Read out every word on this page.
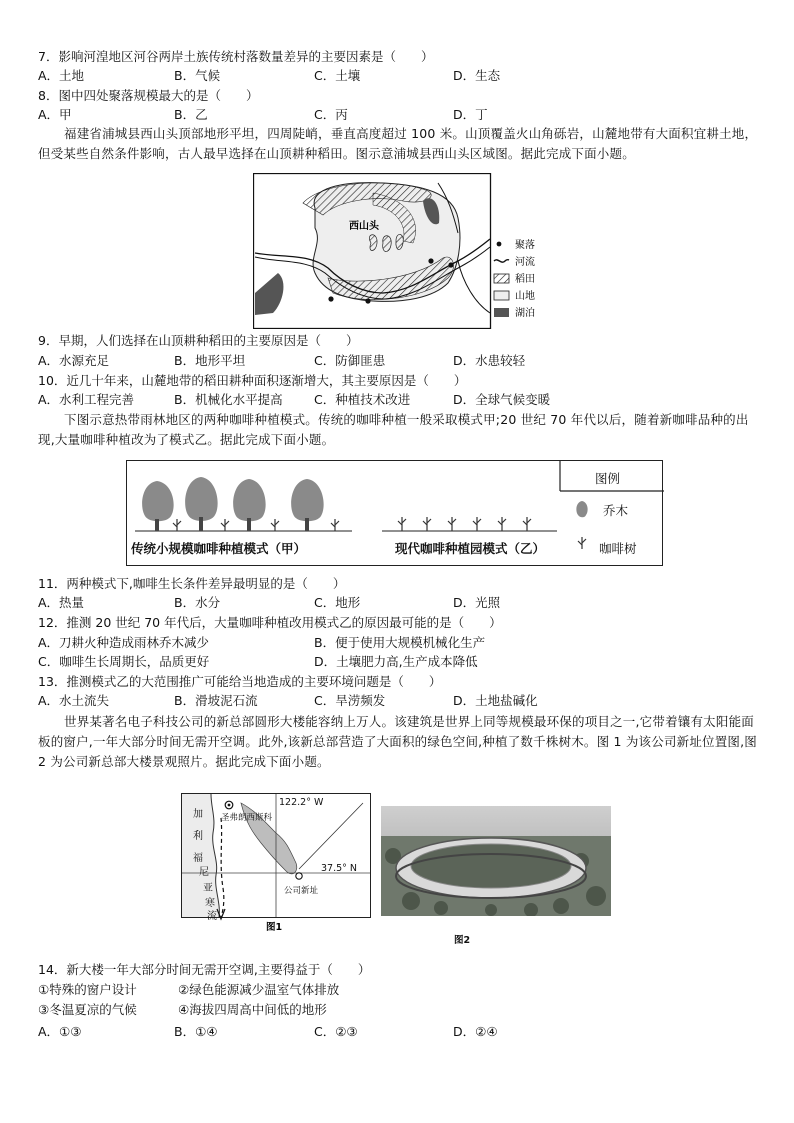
7．影响河湟地区河谷两岸土族传统村落数量差异的主要因素是（　　）
A．土地	B．气候	C．土壤	D．生态
8．图中四处聚落规模最大的是（　　）
A．甲	B．乙	C．丙	D．丁
福建省浦城县西山头顶部地形平坦，四周陡峭，垂直高度超过 100 米。山顶覆盖火山角砾岩，山麓地带有大面积宜耕土地，但受某些自然条件影响，古人最早选择在山顶耕种稻田。图示意浦城县西山头区域图。据此完成下面小题。
西山头
聚落
河流
稻田
山地
湖泊
9．早期，人们选择在山顶耕种稻田的主要原因是（　　）
A．水源充足	B．地形平坦	C．防御匪患	D．水患较轻
10．近几十年来，山麓地带的稻田耕种面积逐渐增大，其主要原因是（　　）
A．水利工程完善	B．机械化水平提高	C．种植技术改进	D．全球气候变暖
下图示意热带雨林地区的两种咖啡种植模式。传统的咖啡种植一般采取模式甲;20 世纪 70 年代以后，随着新咖啡品种的出现,大量咖啡种植改为了模式乙。据此完成下面小题。
图例
乔木
咖啡树
传统小规模咖啡种植模式（甲）	现代咖啡种植园模式（乙）
11．两种模式下,咖啡生长条件差异最明显的是（　　）
A．热量	B．水分	C．地形	D．光照
12．推测 20 世纪 70 年代后，大量咖啡种植改用模式乙的原因最可能的是（　　）
A．刀耕火种造成雨林乔木减少	B．便于使用大规模机械化生产
C．咖啡生长周期长，品质更好	D．土壤肥力高,生产成本降低
13．推测模式乙的大范围推广可能给当地造成的主要环境问题是（　　）
A．水土流失	B．滑坡泥石流	C．旱涝频发	D．土地盐碱化
世界某著名电子科技公司的新总部圆形大楼能容纳上万人。该建筑是世界上同等规模最环保的项目之一,它带着镶有太阳能面板的窗户,一年大部分时间无需开空调。此外,该新总部营造了大面积的绿色空间,种植了数千株树木。图 1 为该公司新址位置图,图 2 为公司新总部大楼景观照片。据此完成下面小题。
加
利
福
尼
亚
寒
流
圣弗朗西斯科
122.2° W
37.5° N
公司新址
图1
图2
14．新大楼一年大部分时间无需开空调,主要得益于（　　）
①特殊的窗户设计	②绿色能源减少温室气体排放
③冬温夏凉的气候	④海拔四周高中间低的地形
A．①③	B．①④	C．②③	D．②④
